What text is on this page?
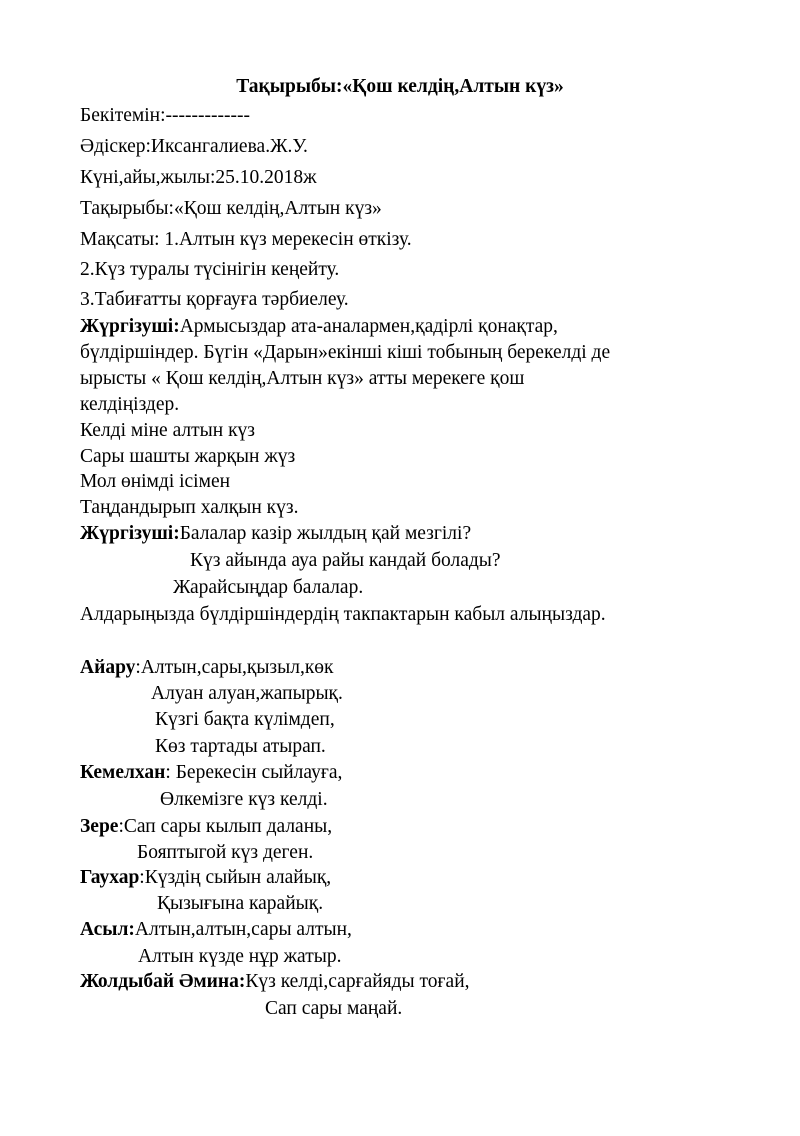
Тақырыбы:«Қош келдің,Алтын күз»
Бекітемін:-------------
Әдіскер:Иксангалиева.Ж.У.
Күні,айы,жылы:25.10.2018ж
Тақырыбы:«Қош келдің,Алтын күз»
Мақсаты: 1.Алтын күз мерекесін өткізу.
2.Күз туралы түсінігін кеңейту.
3.Табиғатты қорғауға тәрбиелеу.
Жүргізуші:Армысыздар ата-аналармен,қадірлі қонақтар,
бүлдіршіндер. Бүгін «Дарын»екінші кіші тобының берекелді де
ырысты « Қош келдің,Алтын күз» атты мерекеге қош
келдіңіздер.
Келді міне алтын күз
Сары шашты жарқын жүз
Мол өнімді ісімен
Таңдандырып халқын күз.
Жүргізуші:Балалар казір жылдың қай мезгілі?
Күз айында ауа райы кандай болады?
Жарайсыңдар балалар.
Алдарыңызда бүлдіршіндердің такпактарын кабыл алыңыздар.
Айару:Алтын,сары,қызыл,көк
Алуан алуан,жапырық.
Күзгі бақта күлімдеп,
Көз тартады атырап.
Кемелхан: Берекесін сыйлауға,
Өлкемізге күз келді.
Зере:Сап сары кылып даланы,
Бояптыгой күз деген.
Гаухар:Күздің сыйын алайық,
Қызығына карайық.
Асыл:Алтын,алтын,сары алтын,
Алтын күзде нұр жатыр.
Жолдыбай Әмина:Күз келді,сарғайяды тоғай,
Сап сары маңай.
